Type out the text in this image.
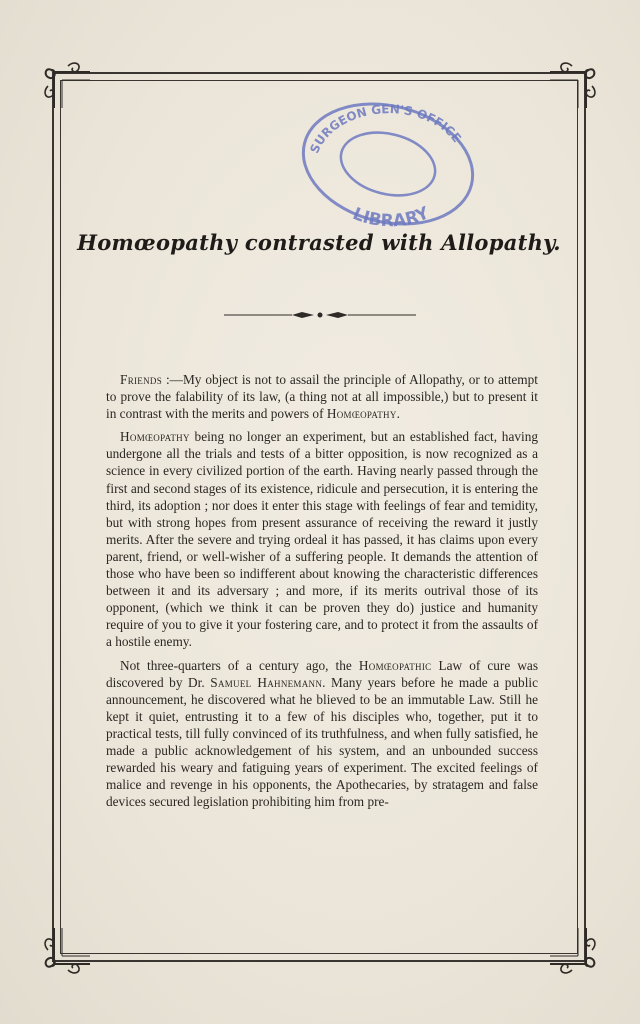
SURGEON GEN'S OFFICE
LIBRARY
Homœopathy contrasted with Allopathy.

Friends :—My object is not to assail the principle of Allopathy, or to attempt to prove the falability of its law, (a thing not at all impossible,) but to present it in contrast with the merits and powers of Homœopathy.

Homœopathy being no longer an experiment, but an established fact, having undergone all the trials and tests of a bitter opposition, is now recognized as a science in every civilized portion of the earth. Having nearly passed through the first and second stages of its existence, ridicule and persecution, it is entering the third, its adoption ; nor does it enter this stage with feelings of fear and temidity, but with strong hopes from present assurance of receiving the reward it justly merits. After the severe and trying ordeal it has passed, it has claims upon every parent, friend, or well-wisher of a suffering people. It demands the attention of those who have been so indifferent about knowing the characteristic differences between it and its adversary ; and more, if its merits outrival those of its opponent, (which we think it can be proven they do) justice and humanity require of you to give it your fostering care, and to protect it from the assaults of a hostile enemy.

Not three-quarters of a century ago, the Homœopathic Law of cure was discovered by Dr. Samuel Hahnemann. Many years before he made a public announcement, he discovered what he blieved to be an immutable Law. Still he kept it quiet, entrusting it to a few of his disciples who, together, put it to practical tests, till fully convinced of its truthfulness, and when fully satisfied, he made a public acknowledgement of his system, and an unbounded success rewarded his weary and fatiguing years of experiment. The excited feelings of malice and revenge in his opponents, the Apothecaries, by stratagem and false devices secured legislation prohibiting him from pre-
